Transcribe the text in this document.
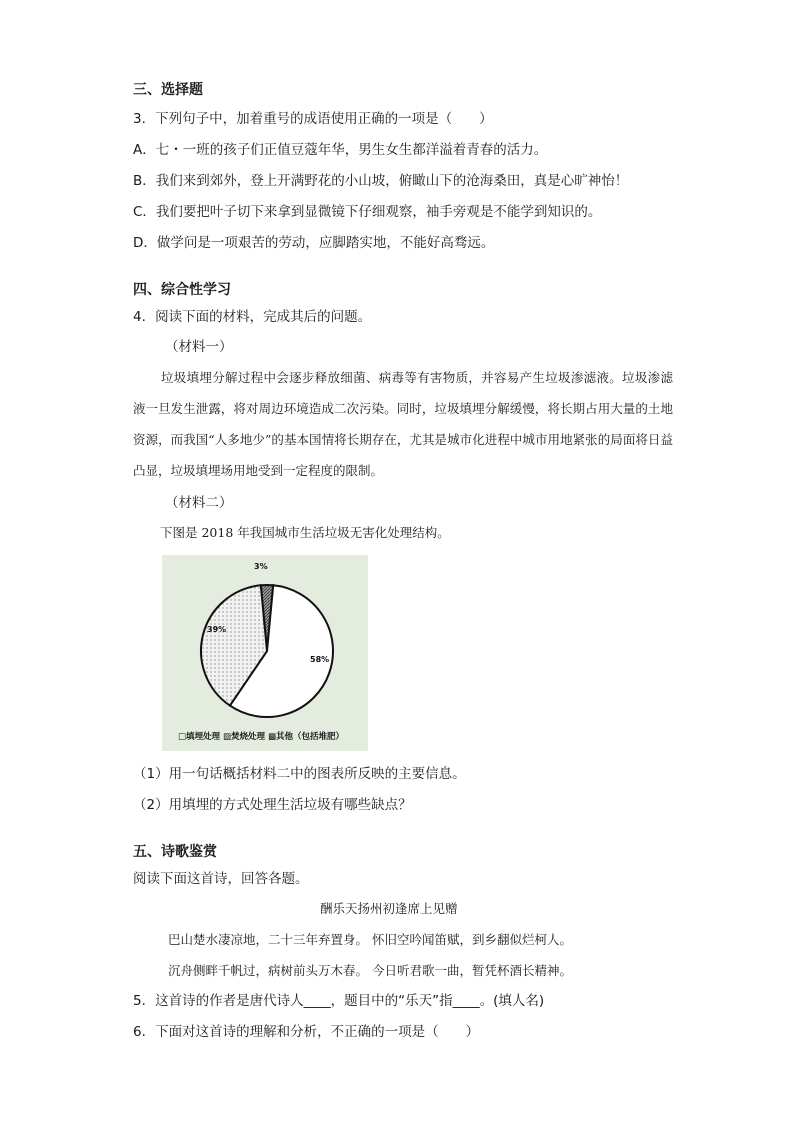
三、选择题
3．下列句子中，加着重号的成语使用正确的一项是（　　）
A．七・一班的孩子们正值豆蔻年华，男生女生都洋溢着青春的活力。
B．我们来到郊外，登上开满野花的小山坡，俯瞰山下的沧海桑田，真是心旷神怡！
C．我们要把叶子切下来拿到显微镜下仔细观察，袖手旁观是不能学到知识的。
D．做学问是一项艰苦的劳动，应脚踏实地，不能好高骛远。
四、综合性学习
4．阅读下面的材料，完成其后的问题。
（材料一）

垃圾填埋分解过程中会逐步释放细菌、病毒等有害物质，并容易产生垃圾渗滤液。垃圾渗滤液一旦发生泄露，将对周边环境造成二次污染。同时，垃圾填埋分解缓慢，将长期占用大量的土地资源，而我国“人多地少”的基本国情将长期存在，尤其是城市化进程中城市用地紧张的局面将日益凸显，垃圾填埋场用地受到一定程度的限制。

（材料二）
下图是 2018 年我国城市生活垃圾无害化处理结构。
3%
39%
58%
□填埋处理 ▨焚烧处理 ▩其他（包括堆肥）
（1）用一句话概括材料二中的图表所反映的主要信息。
（2）用填埋的方式处理生活垃圾有哪些缺点？
五、诗歌鉴赏
阅读下面这首诗，回答各题。
酬乐天扬州初逢席上见赠
巴山楚水凄凉地，二十三年弃置身。 怀旧空吟闻笛赋，到乡翻似烂柯人。
沉舟侧畔千帆过，病树前头万木春。 今日听君歌一曲，暂凭杯酒长精神。
5．这首诗的作者是唐代诗人____，题目中的“乐天”指____。(填人名)
6．下面对这首诗的理解和分析，不正确的一项是（　　）
